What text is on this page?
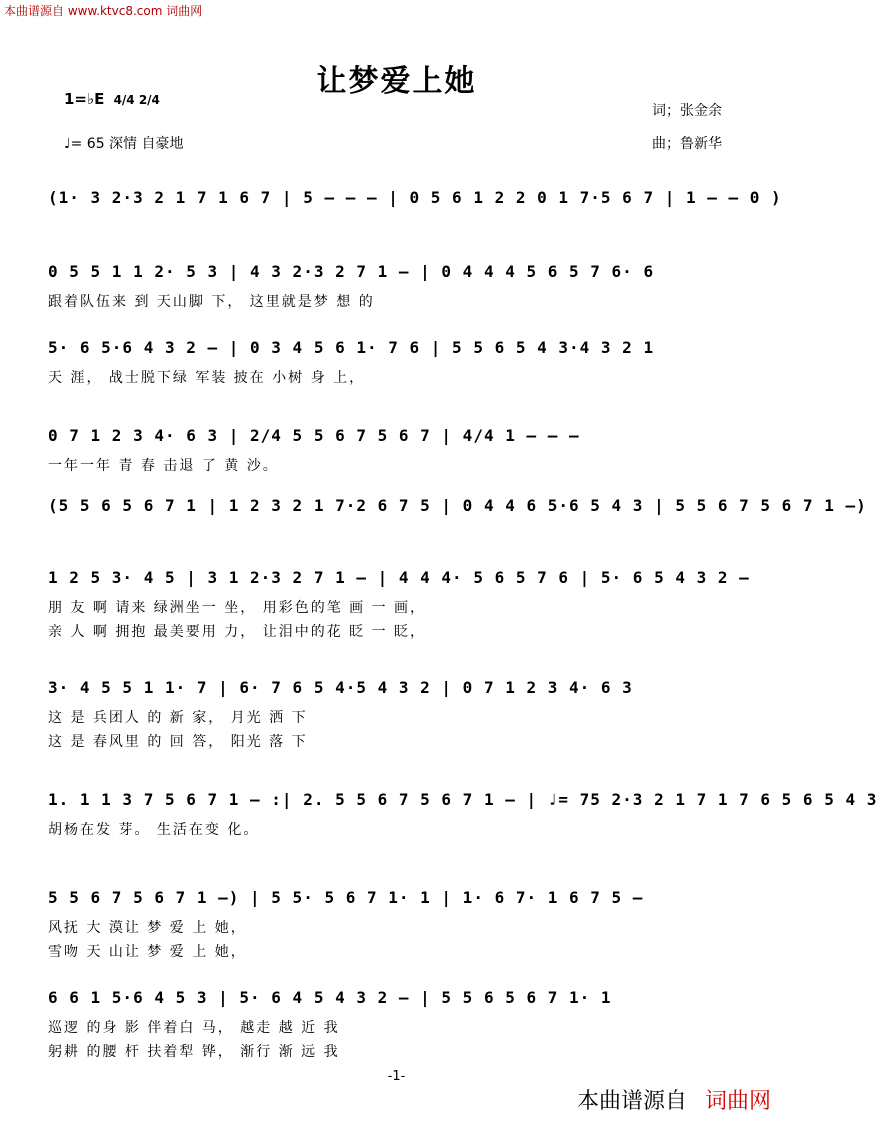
本曲谱源自 www.ktvc8.com 词曲网
让梦爱上她
1=♭E 4/4 2/4
♩= 65 深情 自豪地
词；张金余
曲；鲁新华
(1· 3 2·3 2 1 7 1 6 7 | 5 – – – | 0 5 6 1 2 2 0 1 7·5 6 7 | 1 – – 0 )
0 5 5 1 1 2· 5 3 | 4 3 2·3 2 7 1 – | 0 4 4 4 5 6 5 7 6· 6
跟着队伍来 到 天山脚 下， 这里就是梦 想 的
5· 6 5·6 4 3 2 – | 0 3 4 5 6 1· 7 6 | 5 5 6 5 4 3·4 3 2 1
天 涯， 战士脱下绿 军装 披在 小树 身 上，
0 7 1 2 3 4· 6 3 | 2/4 5 5 6 7 5 6 7 | 4/4 1 – – –
一年一年 青 春 击退 了 黄 沙。
(5 5 6 5 6 7 1 | 1 2 3 2 1 7·2 6 7 5 | 0 4 4 6 5·6 5 4 3 | 5 5 6 7 5 6 7 1 –)
1 2 5 3· 4 5 | 3 1 2·3 2 7 1 – | 4 4 4· 5 6 5 7 6 | 5· 6 5 4 3 2 –
朋 友 啊 请来 绿洲坐一 坐， 用彩色的笔 画 一 画，
亲 人 啊 拥抱 最美要用 力， 让泪中的花 眨 一 眨，
3· 4 5 5 1 1· 7 | 6· 7 6 5 4·5 4 3 2 | 0 7 1 2 3 4· 6 3
这 是 兵团人 的 新 家， 月光 洒 下
这 是 春风里 的 回 答， 阳光 落 下
1. 1 1 3 7 5 6 7 1 – :| 2. 5 5 6 7 5 6 7 1 – | ♩= 75 2·3 2 1 7 1 7 6 5 6 5 4 3
胡杨在发 芽。 生活在变 化。
5 5 6 7 5 6 7 1 –) | 5 5· 5 6 7 1· 1 | 1· 6 7· 1 6 7 5 –
风抚 大 漠让 梦 爱 上 她，
雪吻 天 山让 梦 爱 上 她，
6 6 1 5·6 4 5 3 | 5· 6 4 5 4 3 2 – | 5 5 6 5 6 7 1· 1
巡逻 的身 影 伴着白 马， 越走 越 近 我
躬耕 的腰 杆 扶着犁 铧， 渐行 渐 远 我
-1-
本曲谱源自 词曲网
